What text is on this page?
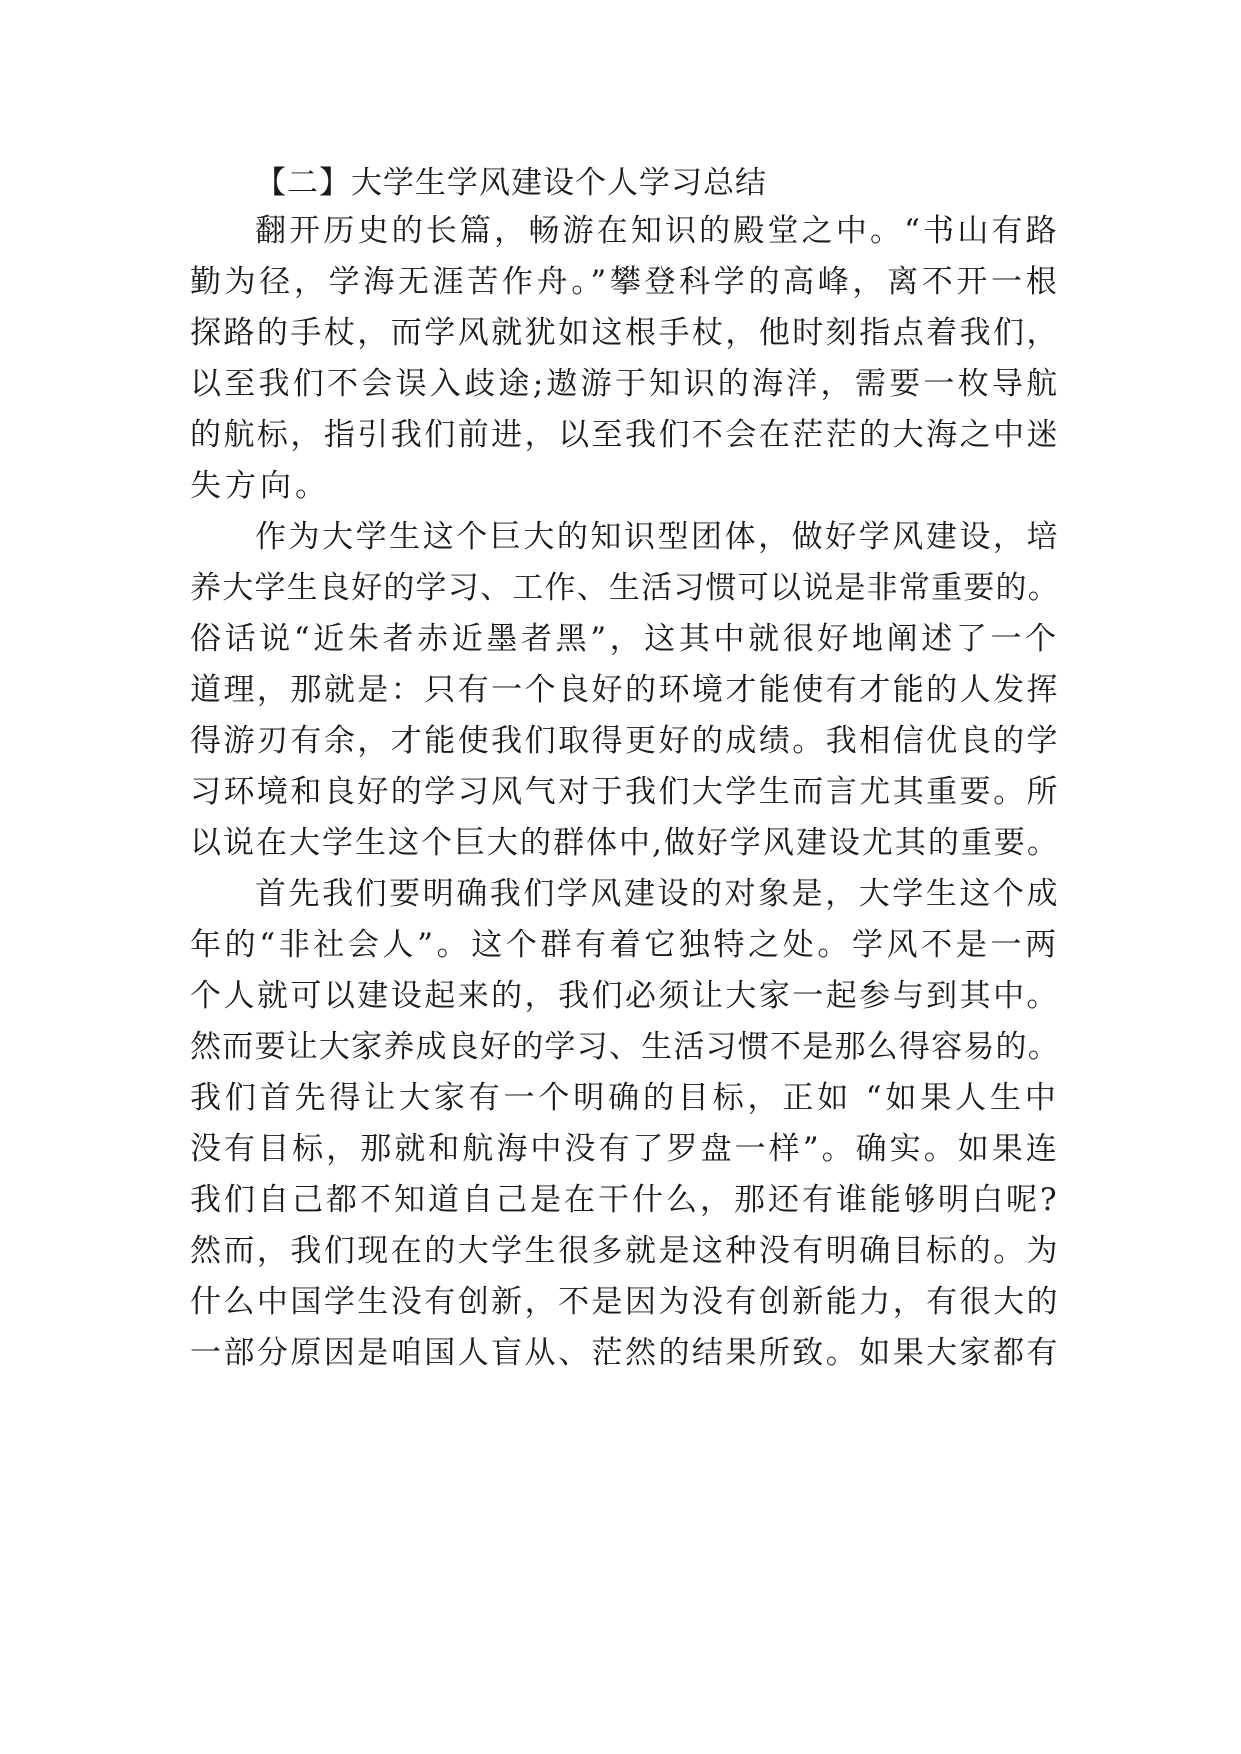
【二】大学生学风建设个人学习总结
翻开历史的长篇，畅游在知识的殿堂之中。“书山有路
勤为径，学海无涯苦作舟。”攀登科学的高峰，离不开一根
探路的手杖，而学风就犹如这根手杖，他时刻指点着我们，
以至我们不会误入歧途;遨游于知识的海洋，需要一枚导航
的航标，指引我们前进，以至我们不会在茫茫的大海之中迷
失方向。
作为大学生这个巨大的知识型团体，做好学风建设，培
养大学生良好的学习、工作、生活习惯可以说是非常重要的。
俗话说“近朱者赤近墨者黑”，这其中就很好地阐述了一个
道理，那就是：只有一个良好的环境才能使有才能的人发挥
得游刃有余，才能使我们取得更好的成绩。我相信优良的学
习环境和良好的学习风气对于我们大学生而言尤其重要。所
以说在大学生这个巨大的群体中,做好学风建设尤其的重要。
首先我们要明确我们学风建设的对象是，大学生这个成
年的“非社会人”。这个群有着它独特之处。学风不是一两
个人就可以建设起来的，我们必须让大家一起参与到其中。
然而要让大家养成良好的学习、生活习惯不是那么得容易的。
我们首先得让大家有一个明确的目标，正如 “如果人生中
没有目标，那就和航海中没有了罗盘一样”。确实。如果连
我们自己都不知道自己是在干什么，那还有谁能够明白呢?
然而，我们现在的大学生很多就是这种没有明确目标的。为
什么中国学生没有创新，不是因为没有创新能力，有很大的
一部分原因是咱国人盲从、茫然的结果所致。如果大家都有
